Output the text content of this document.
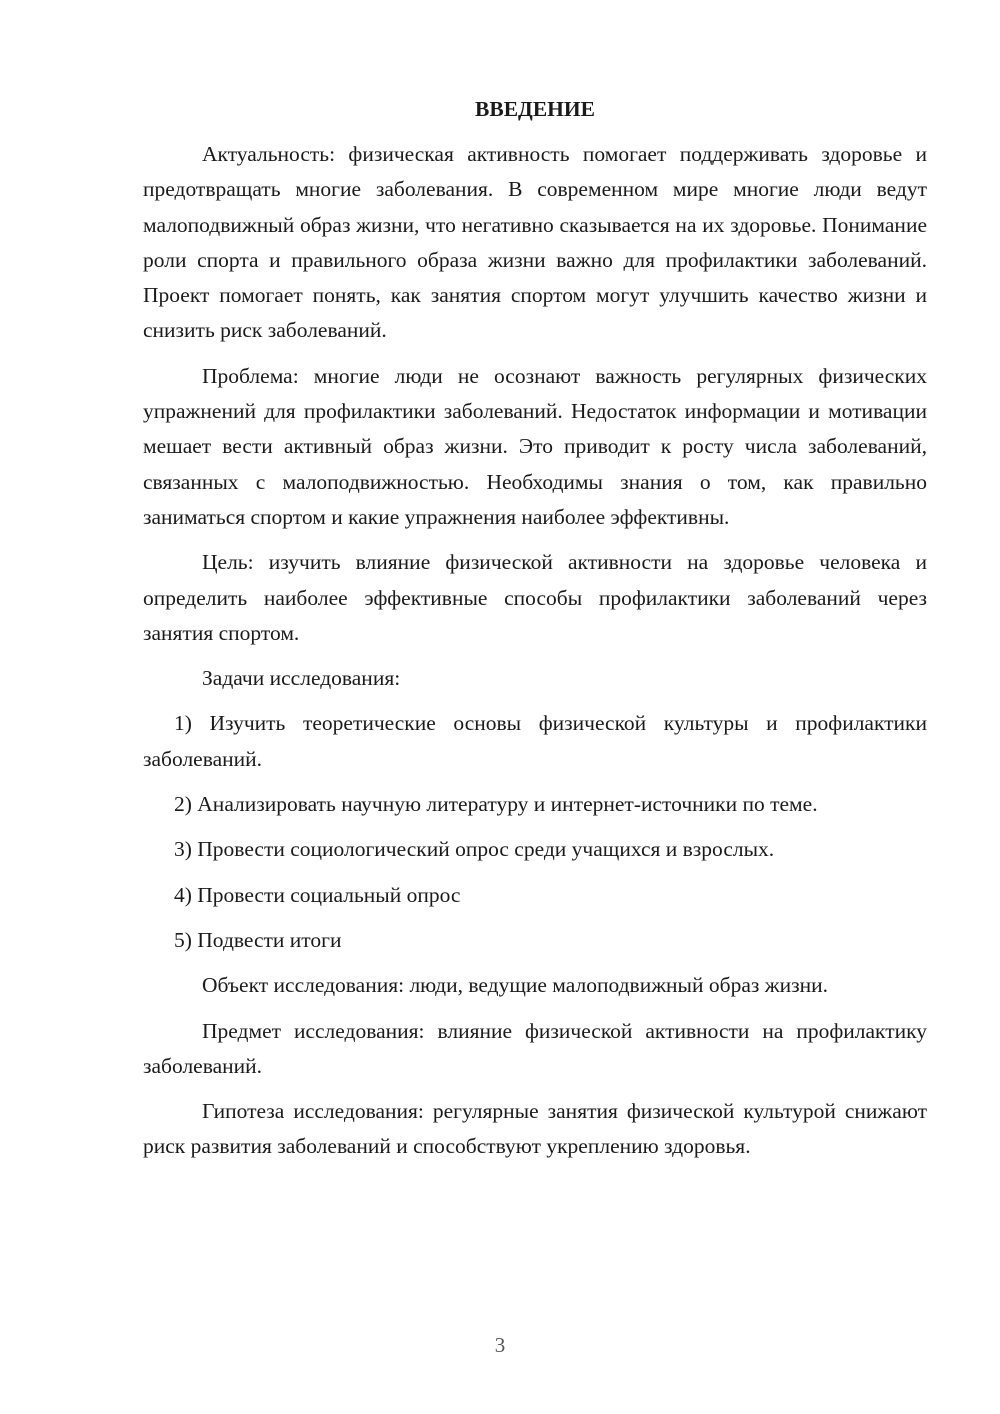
ВВЕДЕНИЕ

Актуальность: физическая активность помогает поддерживать здоровье и предотвращать многие заболевания. В современном мире многие люди ведут малоподвижный образ жизни, что негативно сказывается на их здоровье. Понимание роли спорта и правильного образа жизни важно для профилактики заболеваний. Проект помогает понять, как занятия спортом могут улучшить качество жизни и снизить риск заболеваний.

Проблема: многие люди не осознают важность регулярных физических упражнений для профилактики заболеваний. Недостаток информации и мотивации мешает вести активный образ жизни. Это приводит к росту числа заболеваний, связанных с малоподвижностью. Необходимы знания о том, как правильно заниматься спортом и какие упражнения наиболее эффективны.

Цель: изучить влияние физической активности на здоровье человека и определить наиболее эффективные способы профилактики заболеваний через занятия спортом.

Задачи исследования:

1) Изучить теоретические основы физической культуры и профилактики заболеваний.

2) Анализировать научную литературу и интернет-источники по теме.

3) Провести социологический опрос среди учащихся и взрослых.

4) Провести социальный опрос

5) Подвести итоги

Объект исследования: люди, ведущие малоподвижный образ жизни.

Предмет исследования: влияние физической активности на профилактику заболеваний.

Гипотеза исследования: регулярные занятия физической культурой снижают риск развития заболеваний и способствуют укреплению здоровья.

3
